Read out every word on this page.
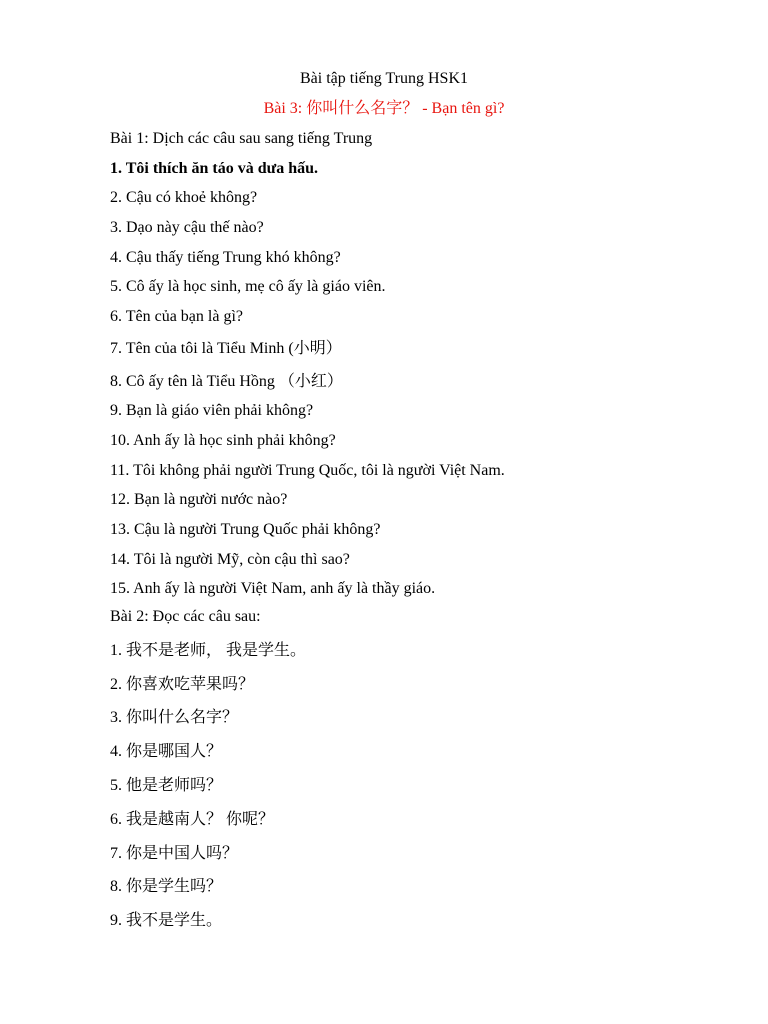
Bài tập tiếng Trung HSK1
Bài 3: 你叫什么名字？ - Bạn tên gì?
Bài 1: Dịch các câu sau sang tiếng Trung
1. Tôi thích ăn táo và dưa hấu.
2. Cậu có khoẻ không?
3. Dạo này cậu thế nào?
4. Cậu thấy tiếng Trung khó không?
5. Cô ấy là học sinh, mẹ cô ấy là giáo viên.
6. Tên của bạn là gì?
7. Tên của tôi là Tiểu Minh (小明）
8. Cô ấy tên là Tiểu Hồng （小红）
9. Bạn là giáo viên phải không?
10. Anh ấy là học sinh phải không?
11. Tôi không phải người Trung Quốc, tôi là người Việt Nam.
12. Bạn là người nước nào?
13. Cậu là người Trung Quốc phải không?
14. Tôi là người Mỹ, còn cậu thì sao?
15. Anh ấy là người Việt Nam, anh ấy là thầy giáo.
Bài 2: Đọc các câu sau:
1. 我不是老师， 我是学生。
2. 你喜欢吃苹果吗？
3. 你叫什么名字？
4. 你是哪国人？
5. 他是老师吗？
6. 我是越南人？ 你呢？
7. 你是中国人吗？
8. 你是学生吗？
9. 我不是学生。
